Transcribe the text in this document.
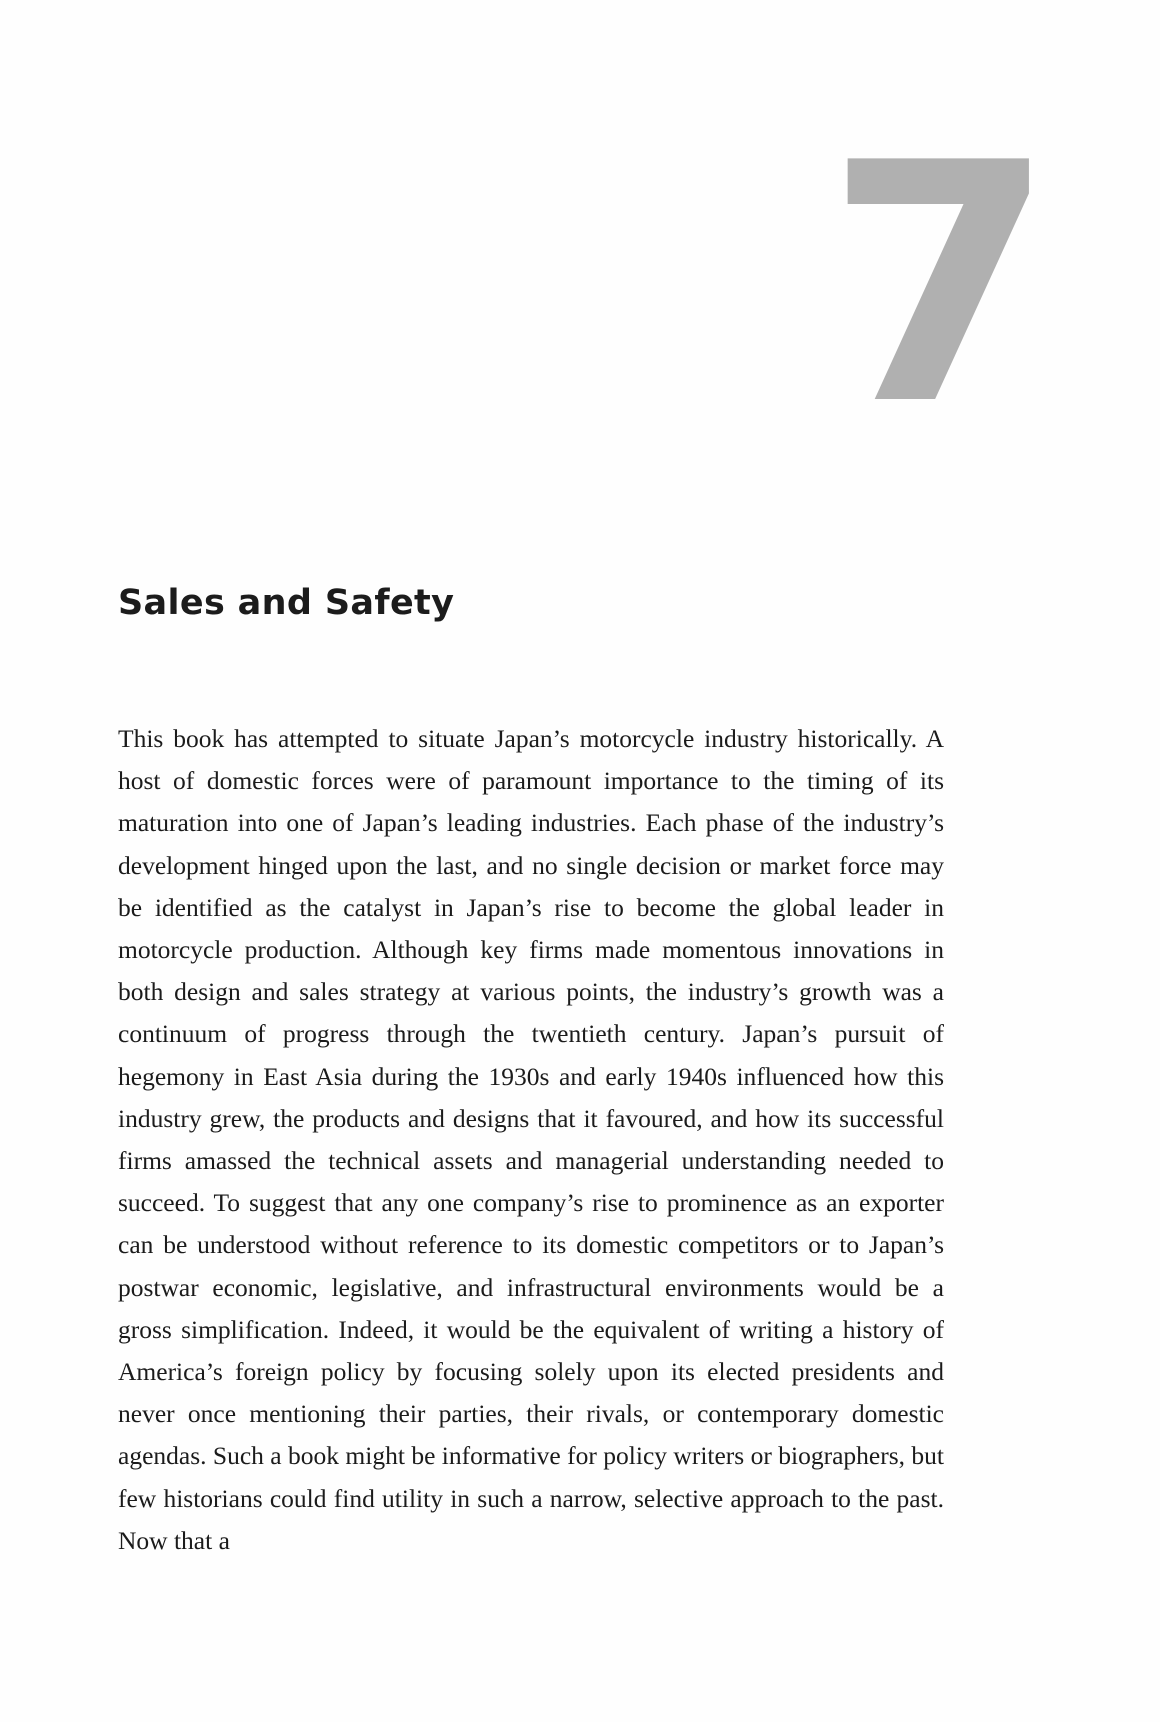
7
Sales and Safety

This book has attempted to situate Japan’s motorcycle industry historically. A host of domestic forces were of paramount importance to the timing of its maturation into one of Japan’s leading industries. Each phase of the industry’s development hinged upon the last, and no single decision or market force may be identified as the catalyst in Japan’s rise to become the global leader in motorcycle production. Although key firms made momentous innovations in both design and sales strategy at various points, the industry’s growth was a continuum of progress through the twentieth century. Japan’s pursuit of hegemony in East Asia during the 1930s and early 1940s influenced how this industry grew, the products and designs that it favoured, and how its successful firms amassed the technical assets and managerial understanding needed to succeed. To suggest that any one company’s rise to prominence as an exporter can be understood without reference to its domestic competitors or to Japan’s postwar economic, legislative, and infrastructural environments would be a gross simplification. Indeed, it would be the equivalent of writing a history of America’s foreign policy by focusing solely upon its elected presidents and never once mentioning their parties, their rivals, or contemporary domestic agendas. Such a book might be informative for policy writers or biographers, but few historians could find utility in such a narrow, selective approach to the past. Now that a
